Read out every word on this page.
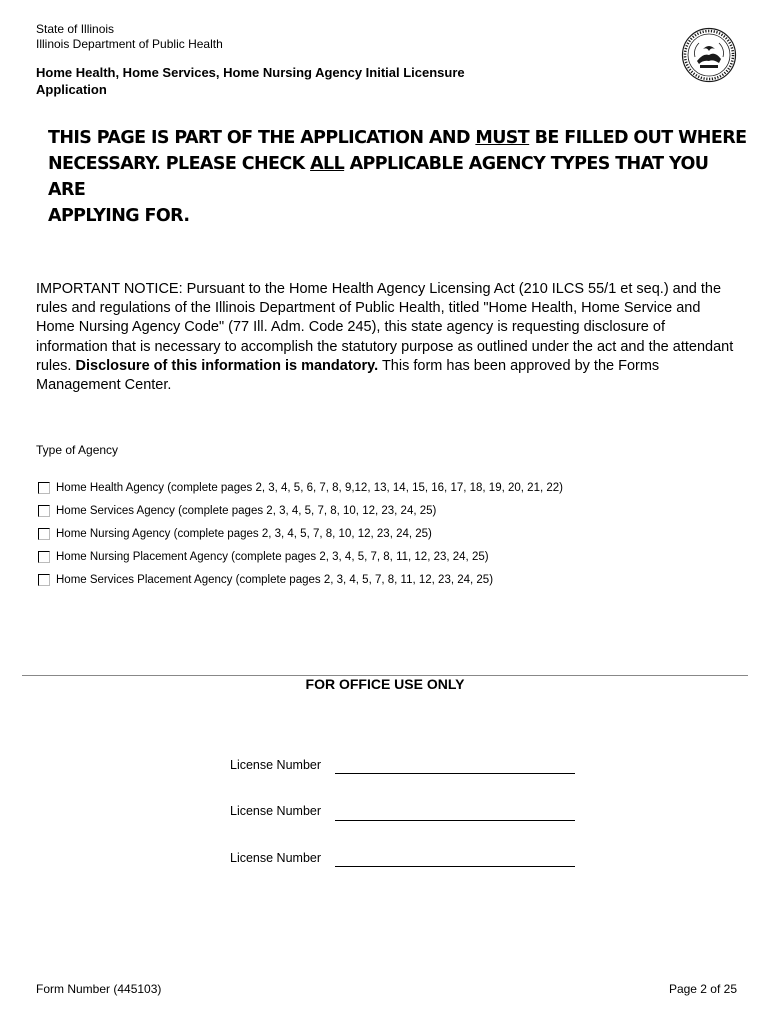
State of Illinois
Illinois Department of Public Health
Home Health, Home Services, Home Nursing Agency Initial Licensure
Application
THIS PAGE IS PART OF THE APPLICATION AND MUST BE FILLED OUT WHERE
NECESSARY. PLEASE CHECK ALL APPLICABLE AGENCY TYPES THAT YOU ARE
APPLYING FOR.
IMPORTANT NOTICE: Pursuant to the Home Health Agency Licensing Act (210 ILCS 55/1 et seq.) and the rules and regulations of the Illinois Department of Public Health, titled "Home Health, Home Service and Home Nursing Agency Code" (77 Ill. Adm. Code 245), this state agency is requesting disclosure of information that is necessary to accomplish the statutory purpose as outlined under the act and the attendant rules. Disclosure of this information is mandatory. This form has been approved by the Forms Management Center.
Type of Agency
Home Health Agency (complete pages 2, 3, 4, 5, 6, 7, 8, 9,12, 13, 14, 15, 16, 17, 18, 19, 20, 21, 22)
Home Services Agency (complete pages 2, 3, 4, 5, 7, 8, 10, 12, 23, 24, 25)
Home Nursing Agency (complete pages 2, 3, 4, 5, 7, 8, 10, 12, 23, 24, 25)
Home Nursing Placement Agency (complete pages 2, 3, 4, 5, 7, 8, 11, 12, 23, 24, 25)
Home Services Placement Agency (complete pages 2, 3, 4, 5, 7, 8, 11, 12, 23, 24, 25)
FOR OFFICE USE ONLY
License Number
License Number
License Number
Form Number (445103)	Page 2 of 25
